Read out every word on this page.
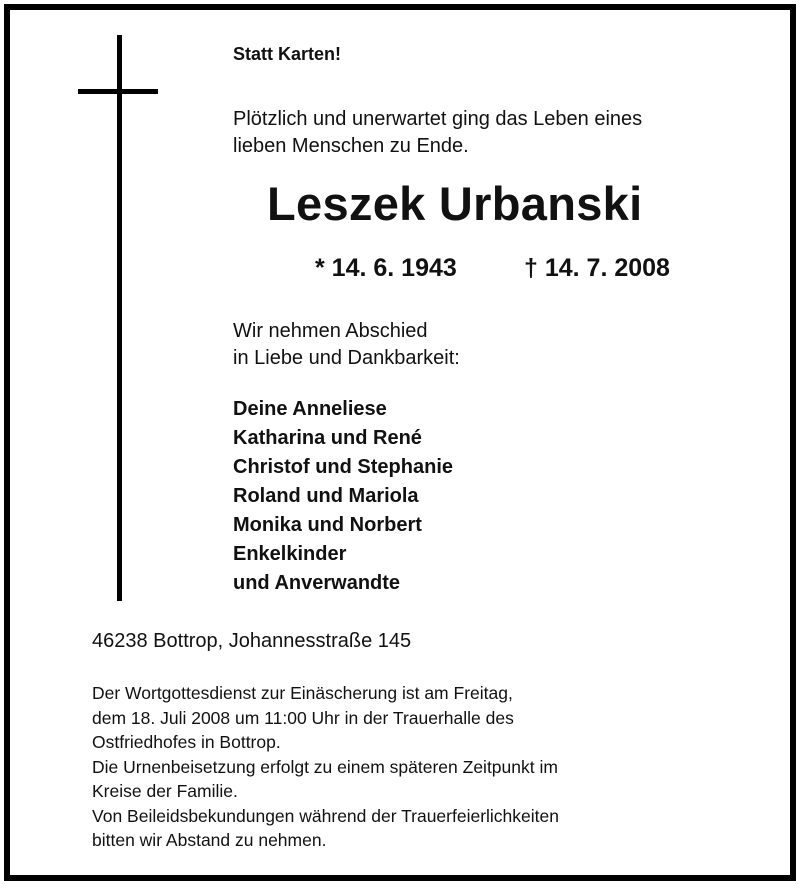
Statt Karten!
Plötzlich und unerwartet ging das Leben eines
lieben Menschen zu Ende.
Leszek Urbanski
* 14. 6. 1943	† 14. 7. 2008
Wir nehmen Abschied
in Liebe und Dankbarkeit:
Deine Anneliese
Katharina und René
Christof und Stephanie
Roland und Mariola
Monika und Norbert
Enkelkinder
und Anverwandte
46238 Bottrop, Johannesstraße 145
Der Wortgottesdienst zur Einäscherung ist am Freitag,
dem 18. Juli 2008 um 11:00 Uhr in der Trauerhalle des
Ostfriedhofes in Bottrop.
Die Urnenbeisetzung erfolgt zu einem späteren Zeitpunkt im
Kreise der Familie.
Von Beileidsbekundungen während der Trauerfeierlichkeiten
bitten wir Abstand zu nehmen.
